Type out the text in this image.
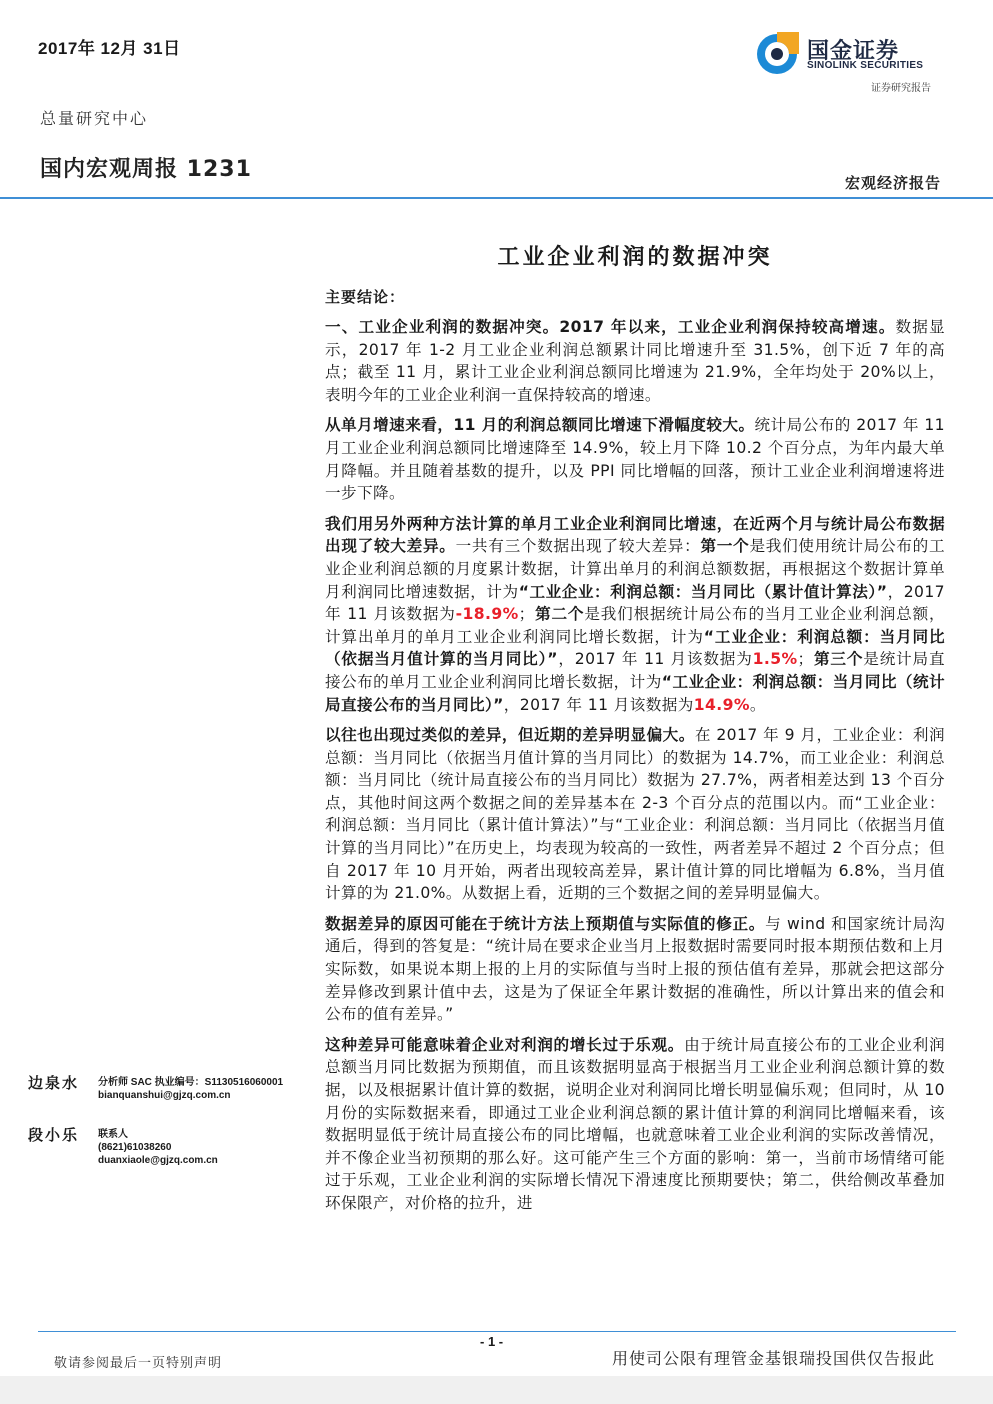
2017年 12月 31日	国金证券
SINOLINK SECURITIES
证券研究报告
总量研究中心
国内宏观周报 1231
宏观经济报告
工业企业利润的数据冲突
主要结论：

一、工业企业利润的数据冲突。2017 年以来，工业企业利润保持较高增速。数据显示，2017 年 1-2 月工业企业利润总额累计同比增速升至 31.5%，创下近 7 年的高点；截至 11 月，累计工业企业利润总额同比增速为 21.9%，全年均处于 20%以上，表明今年的工业企业利润一直保持较高的增速。

从单月增速来看，11 月的利润总额同比增速下滑幅度较大。统计局公布的 2017 年 11 月工业企业利润总额同比增速降至 14.9%，较上月下降 10.2 个百分点，为年内最大单月降幅。并且随着基数的提升，以及 PPI 同比增幅的回落，预计工业企业利润增速将进一步下降。

我们用另外两种方法计算的单月工业企业利润同比增速，在近两个月与统计局公布数据出现了较大差异。一共有三个数据出现了较大差异：第一个是我们使用统计局公布的工业企业利润总额的月度累计数据，计算出单月的利润总额数据，再根据这个数据计算单月利润同比增速数据，计为“工业企业：利润总额：当月同比（累计值计算法）”，2017 年 11 月该数据为-18.9%；第二个是我们根据统计局公布的当月工业企业利润总额，计算出单月的单月工业企业利润同比增长数据，计为“工业企业：利润总额：当月同比（依据当月值计算的当月同比）”，2017 年 11 月该数据为1.5%；第三个是统计局直接公布的单月工业企业利润同比增长数据，计为“工业企业：利润总额：当月同比（统计局直接公布的当月同比）”，2017 年 11 月该数据为14.9%。

以往也出现过类似的差异，但近期的差异明显偏大。在 2017 年 9 月，工业企业：利润总额：当月同比（依据当月值计算的当月同比）的数据为 14.7%，而工业企业：利润总额：当月同比（统计局直接公布的当月同比）数据为 27.7%，两者相差达到 13 个百分点，其他时间这两个数据之间的差异基本在 2-3 个百分点的范围以内。而“工业企业：利润总额：当月同比（累计值计算法）”与“工业企业：利润总额：当月同比（依据当月值计算的当月同比）”在历史上，均表现为较高的一致性，两者差异不超过 2 个百分点；但自 2017 年 10 月开始，两者出现较高差异，累计值计算的同比增幅为 6.8%，当月值计算的为 21.0%。从数据上看，近期的三个数据之间的差异明显偏大。

数据差异的原因可能在于统计方法上预期值与实际值的修正。与 wind 和国家统计局沟通后，得到的答复是：“统计局在要求企业当月上报数据时需要同时报本期预估数和上月实际数，如果说本期上报的上月的实际值与当时上报的预估值有差异，那就会把这部分差异修改到累计值中去，这是为了保证全年累计数据的准确性，所以计算出来的值会和公布的值有差异。”

这种差异可能意味着企业对利润的增长过于乐观。由于统计局直接公布的工业企业利润总额当月同比数据为预期值，而且该数据明显高于根据当月工业企业利润总额计算的数据，以及根据累计值计算的数据，说明企业对利润同比增长明显偏乐观；但同时，从 10 月份的实际数据来看，即通过工业企业利润总额的累计值计算的利润同比增幅来看，该数据明显低于统计局直接公布的同比增幅，也就意味着工业企业利润的实际改善情况，并不像企业当初预期的那么好。这可能产生三个方面的影响：第一，当前市场情绪可能过于乐观，工业企业利润的实际增长情况下滑速度比预期要快；第二，供给侧改革叠加环保限产，对价格的拉升，进

边泉水 分析师 SAC 执业编号：S1130516060001
bianquanshui@gjzq.com.cn
段小乐 联系人
(8621)61038260
duanxiaole@gjzq.com.cn
- 1 -
敬请参阅最后一页特别声明	用使司公限有理管金基银瑞投国供仅告报此
